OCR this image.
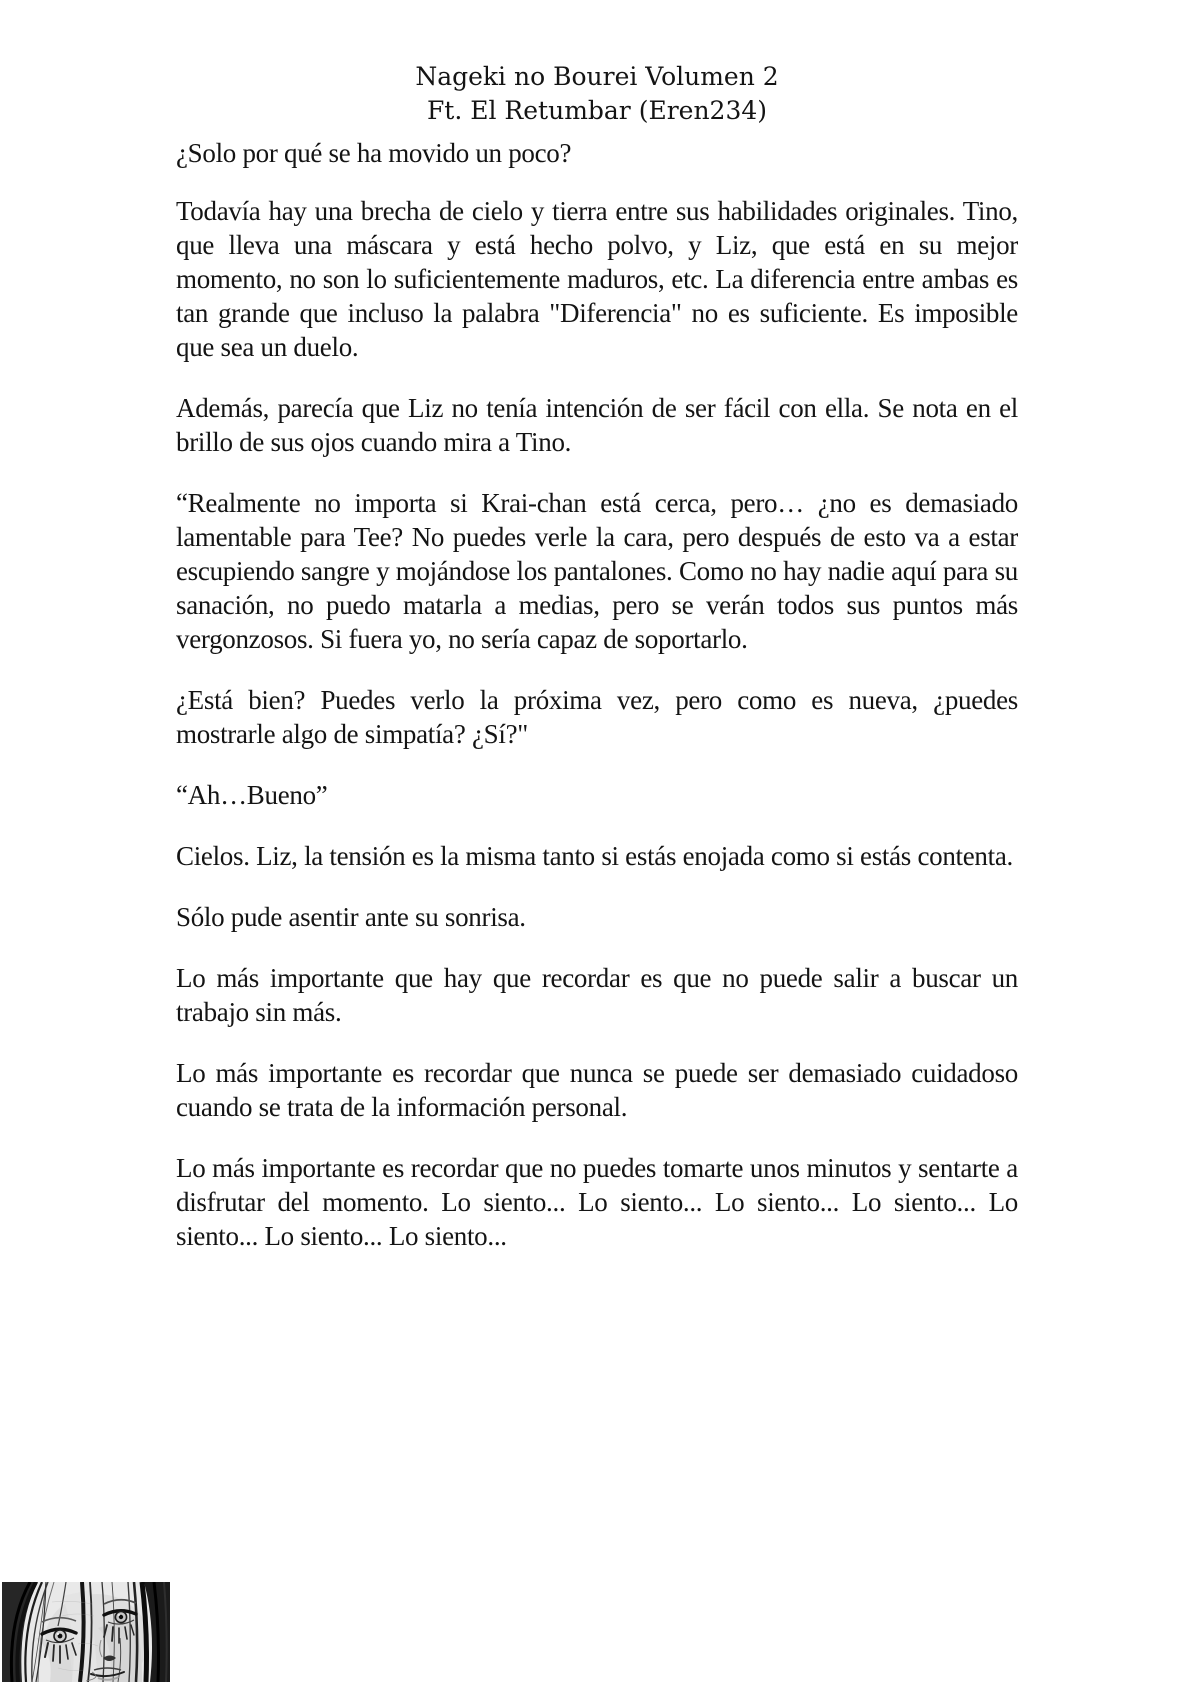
Nageki no Bourei Volumen 2
Ft. El Retumbar (Eren234)

¿Solo por qué se ha movido un poco?

Todavía hay una brecha de cielo y tierra entre sus habilidades originales. Tino, que lleva una máscara y está hecho polvo, y Liz, que está en su mejor momento, no son lo suficientemente maduros, etc. La diferencia entre ambas es tan grande que incluso la palabra "Diferencia" no es suficiente. Es imposible que sea un duelo.

Además, parecía que Liz no tenía intención de ser fácil con ella. Se nota en el brillo de sus ojos cuando mira a Tino.

“Realmente no importa si Krai-chan está cerca, pero… ¿no es demasiado lamentable para Tee? No puedes verle la cara, pero después de esto va a estar escupiendo sangre y mojándose los pantalones. Como no hay nadie aquí para su sanación, no puedo matarla a medias, pero se verán todos sus puntos más vergonzosos. Si fuera yo, no sería capaz de soportarlo.

¿Está bien? Puedes verlo la próxima vez, pero como es nueva, ¿puedes mostrarle algo de simpatía? ¿Sí?"

“Ah…Bueno”

Cielos. Liz, la tensión es la misma tanto si estás enojada como si estás contenta.

Sólo pude asentir ante su sonrisa.

Lo más importante que hay que recordar es que no puede salir a buscar un trabajo sin más.

Lo más importante es recordar que nunca se puede ser demasiado cuidadoso cuando se trata de la información personal.

Lo más importante es recordar que no puedes tomarte unos minutos y sentarte a disfrutar del momento. Lo siento... Lo siento... Lo siento... Lo siento... Lo siento... Lo siento... Lo siento...
